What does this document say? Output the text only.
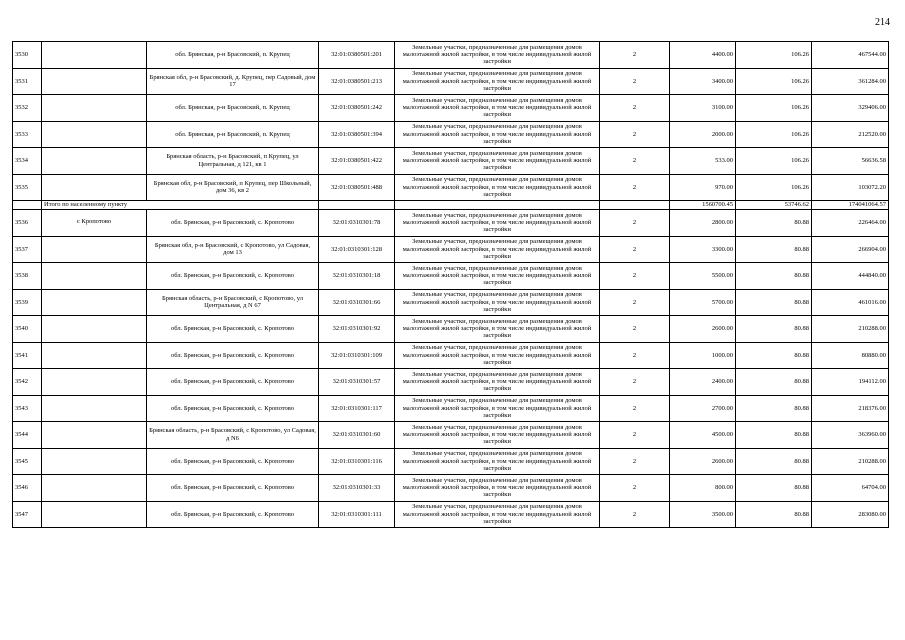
214
3530		обл. Брянская, р-н Брасовский, п. Крупец	32:01:0380501:201	Земельные участки, предназначенные для размещения домов малоэтажной жилой застройки, в том числе индивидуальной жилой застройки	2	4400.00	106.26	467544.00
3531		Брянская обл, р-н Брасовский, д. Крупец, пер Садовый, дом 17	32:01:0380501:213	Земельные участки, предназначенные для размещения домов малоэтажной жилой застройки, в том числе индивидуальной жилой застройки	2	3400.00	106.26	361284.00
3532		обл. Брянская, р-н Брасовский, п. Крупец	32:01:0380501:242	Земельные участки, предназначенные для размещения домов малоэтажной жилой застройки, в том числе индивидуальной жилой застройки	2	3100.00	106.26	329406.00
3533		обл. Брянская, р-н Брасовский, п. Крупец	32:01:0380501:394	Земельные участки, предназначенные для размещения домов малоэтажной жилой застройки, в том числе индивидуальной жилой застройки	2	2000.00	106.26	212520.00
3534		Брянская область, р-н Брасовский, п Крупец, ул Центральная, д 121, кв 1	32:01:0380501:422	Земельные участки, предназначенные для размещения домов малоэтажной жилой застройки, в том числе индивидуальной жилой застройки	2	533.00	106.26	56636.58
3535		Брянская обл, р-н Брасовский, п Крупец, пер Школьный, дом 36, кв 2	32:01:0380501:488	Земельные участки, предназначенные для размещения домов малоэтажной жилой застройки, в том числе индивидуальной жилой застройки	2	970.00	106.26	103072.20
	Итого по населенному пункту					1560700.45	53746.62	174041064.57
3536	с Кропотово	обл. Брянская, р-н Брасовский, с. Кропотово	32:01:0310301:78	Земельные участки, предназначенные для размещения домов малоэтажной жилой застройки, в том числе индивидуальной жилой застройки	2	2800.00	80.88	226464.00
3537		Брянская обл, р-н Брасовский, с Кропотово, ул Садовая, дом 13	32:01:0310301:128	Земельные участки, предназначенные для размещения домов малоэтажной жилой застройки, в том числе индивидуальной жилой застройки	2	3300.00	80.88	266904.00
3538		обл. Брянская, р-н Брасовский, с. Кропотово	32:01:0310301:18	Земельные участки, предназначенные для размещения домов малоэтажной жилой застройки, в том числе индивидуальной жилой застройки	2	5500.00	80.88	444840.00
3539		Брянская область, р-н Брасовский, с Кропотово, ул Центральная, д N 67	32:01:0310301:66	Земельные участки, предназначенные для размещения домов малоэтажной жилой застройки, в том числе индивидуальной жилой застройки	2	5700.00	80.88	461016.00
3540		обл. Брянская, р-н Брасовский, с. Кропотово	32:01:0310301:92	Земельные участки, предназначенные для размещения домов малоэтажной жилой застройки, в том числе индивидуальной жилой застройки	2	2600.00	80.88	210288.00
3541		обл. Брянская, р-н Брасовский, с. Кропотово	32:01:0310301:109	Земельные участки, предназначенные для размещения домов малоэтажной жилой застройки, в том числе индивидуальной жилой застройки	2	1000.00	80.88	80880.00
3542		обл. Брянская, р-н Брасовский, с. Кропотово	32:01:0310301:57	Земельные участки, предназначенные для размещения домов малоэтажной жилой застройки, в том числе индивидуальной жилой застройки	2	2400.00	80.88	194112.00
3543		обл. Брянская, р-н Брасовский, с. Кропотово	32:01:0310301:117	Земельные участки, предназначенные для размещения домов малоэтажной жилой застройки, в том числе индивидуальной жилой застройки	2	2700.00	80.88	218376.00
3544		Брянская область, р-н Брасовский, с Кропотово, ул Садовая, д N6	32:01:0310301:60	Земельные участки, предназначенные для размещения домов малоэтажной жилой застройки, в том числе индивидуальной жилой застройки	2	4500.00	80.88	363960.00
3545		обл. Брянская, р-н Брасовский, с. Кропотово	32:01:0310301:116	Земельные участки, предназначенные для размещения домов малоэтажной жилой застройки, в том числе индивидуальной жилой застройки	2	2600.00	80.88	210288.00
3546		обл. Брянская, р-н Брасовский, с. Кропотово	32:01:0310301:33	Земельные участки, предназначенные для размещения домов малоэтажной жилой застройки, в том числе индивидуальной жилой застройки	2	800.00	80.88	64704.00
3547		обл. Брянская, р-н Брасовский, с. Кропотово	32:01:0310301:111	Земельные участки, предназначенные для размещения домов малоэтажной жилой застройки, в том числе индивидуальной жилой застройки	2	3500.00	80.88	283080.00
